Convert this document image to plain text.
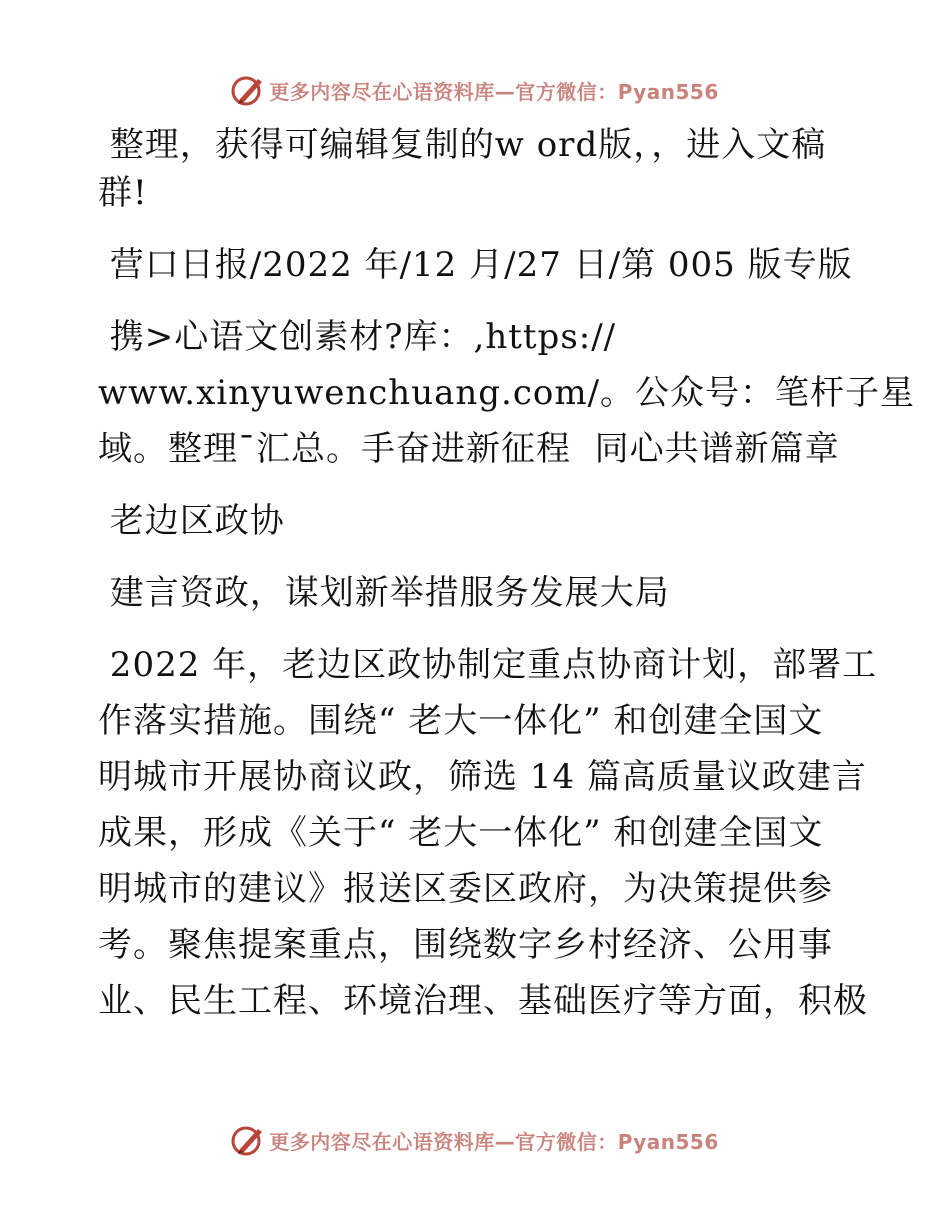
更多内容尽在心语资料库—官方微信：Pyan556
整理，获得可编辑复制的w ord版，，进入文稿
群!
营口日报/2022 年/12 月/27 日/第 005 版专版
携>心语文创素材?库：,https://
www.xinyuwenchuang.com/。公众号：笔杆子星
域。整理¯汇总。手奋进新征程  同心共谱新篇章
老边区政协
建言资政，谋划新举措服务发展大局
2022 年，老边区政协制定重点协商计划，部署工
作落实措施。围绕“ 老大一体化” 和创建全国文
明城市开展协商议政，筛选 14 篇高质量议政建言
成果，形成《关于“ 老大一体化” 和创建全国文
明城市的建议》报送区委区政府，为决策提供参
考。聚焦提案重点，围绕数字乡村经济、公用事
业、民生工程、环境治理、基础医疗等方面，积极
更多内容尽在心语资料库—官方微信：Pyan556
